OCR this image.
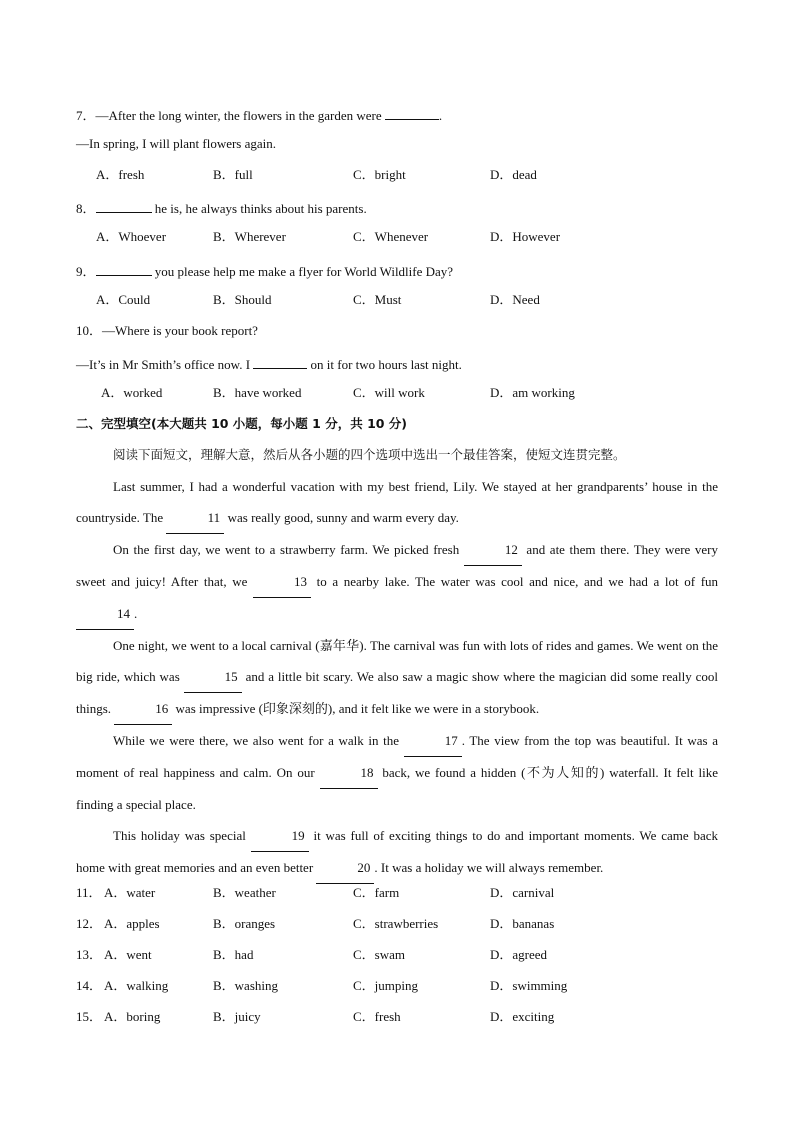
7．—After the long winter, the flowers in the garden were	.
—In spring, I will plant flowers again.
A．fresh	B．full	C．bright	D．dead
8．	he is, he always thinks about his parents.
A．Whoever	B．Wherever	C．Whenever	D．However
9．	you please help me make a flyer for World Wildlife Day?
A．Could	B．Should	C．Must	D．Need
10．—Where is your book report?
—It’s in Mr Smith’s office now. I	on it for two hours last night.
A．worked	B．have worked	C．will work	D．am working
二、完型填空(本大题共 10 小题，每小题 1 分，共 10 分)
阅读下面短文，理解大意，然后从各小题的四个选项中选出一个最佳答案，使短文连贯完整。

Last summer, I had a wonderful vacation with my best friend, Lily. We stayed at her grandparents’ house in the countryside. The	11 was really good, sunny and warm every day.

On the first day, we went to a strawberry farm. We picked fresh	12 and ate them there. They were very sweet and juicy! After that, we	13 to a nearby lake. The water was cool and nice, and we had a lot of fun 14 .

One night, we went to a local carnival (嘉年华). The carnival was fun with lots of rides and games. We went on the big ride, which was	15 and a little bit scary. We also saw a magic show where the magician did some really cool things.	16 was impressive (印象深刻的), and it felt like we were in a storybook.

While we were there, we also went for a walk in the	17 . The view from the top was beautiful. It was a moment of real happiness and calm. On our	18 back, we found a hidden (不为人知的) waterfall. It felt like finding a special place.

This holiday was special	19 it was full of exciting things to do and important moments. We came back home with great memories and an even better	20 . It was a holiday we will always remember.

11． A．water	B．weather	C．farm	D．carnival
12． A．apples	B．oranges	C．strawberries	D．bananas
13． A．went	B．had	C．swam	D．agreed
14． A．walking	B．washing	C．jumping	D．swimming
15． A．boring	B．juicy	C．fresh	D．exciting
